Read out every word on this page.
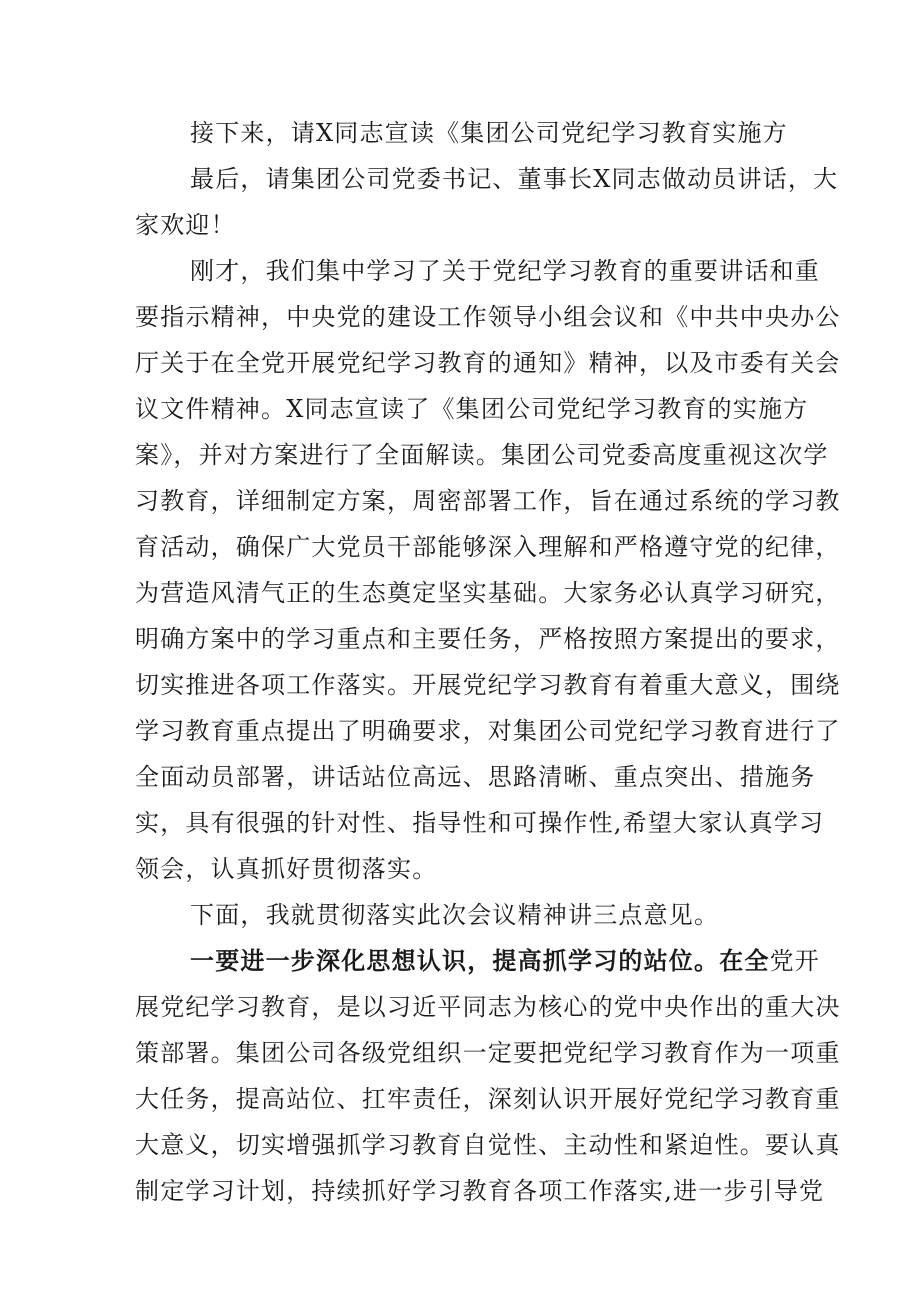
接下来，请X同志宣读《集团公司党纪学习教育实施方
最后，请集团公司党委书记、董事长X同志做动员讲话，大
家欢迎！
刚才，我们集中学习了关于党纪学习教育的重要讲话和重
要指示精神，中央党的建设工作领导小组会议和《中共中央办公
厅关于在全党开展党纪学习教育的通知》精神，以及市委有关会
议文件精神。X同志宣读了《集团公司党纪学习教育的实施方
案》，并对方案进行了全面解读。集团公司党委高度重视这次学
习教育，详细制定方案，周密部署工作，旨在通过系统的学习教
育活动，确保广大党员干部能够深入理解和严格遵守党的纪律，
为营造风清气正的生态奠定坚实基础。大家务必认真学习研究，
明确方案中的学习重点和主要任务，严格按照方案提出的要求，
切实推进各项工作落实。开展党纪学习教育有着重大意义，围绕
学习教育重点提出了明确要求，对集团公司党纪学习教育进行了
全面动员部署，讲话站位高远、思路清晰、重点突出、措施务
实，具有很强的针对性、指导性和可操作性,希望大家认真学习
领会，认真抓好贯彻落实。
下面，我就贯彻落实此次会议精神讲三点意见。
一要进一步深化思想认识，提高抓学习的站位。在全党开
展党纪学习教育，是以习近平同志为核心的党中央作出的重大决
策部署。集团公司各级党组织一定要把党纪学习教育作为一项重
大任务，提高站位、扛牢责任，深刻认识开展好党纪学习教育重
大意义，切实增强抓学习教育自觉性、主动性和紧迫性。要认真
制定学习计划，持续抓好学习教育各项工作落实,进一步引导党
